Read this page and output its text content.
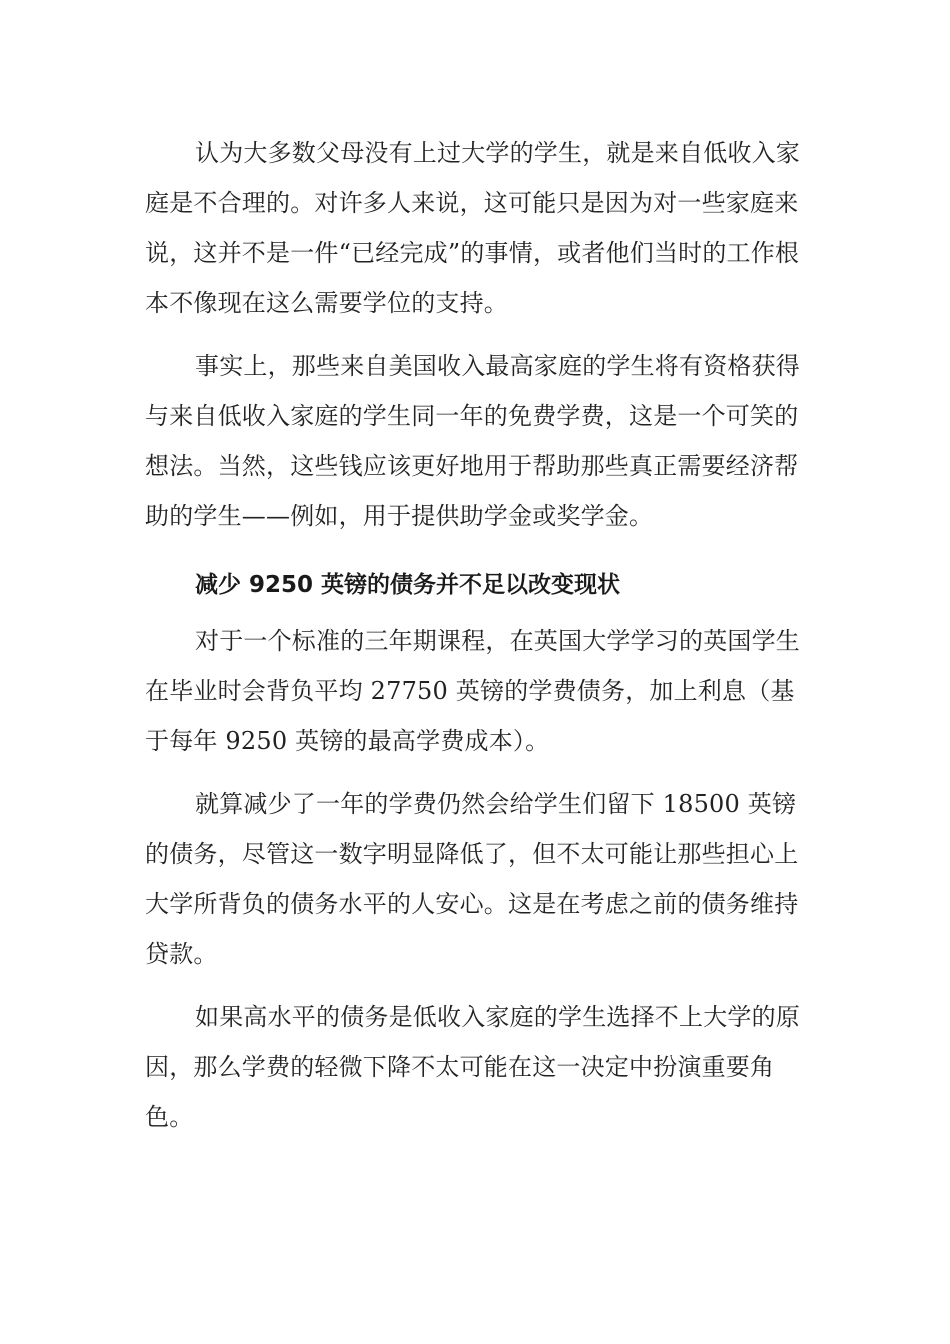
认为大多数父母没有上过大学的学生，就是来自低收入家庭是不合理的。对许多人来说，这可能只是因为对一些家庭来说，这并不是一件“已经完成”的事情，或者他们当时的工作根本不像现在这么需要学位的支持。

事实上，那些来自美国收入最高家庭的学生将有资格获得与来自低收入家庭的学生同一年的免费学费，这是一个可笑的想法。当然，这些钱应该更好地用于帮助那些真正需要经济帮助的学生——例如，用于提供助学金或奖学金。

减少 9250 英镑的债务并不足以改变现状

对于一个标准的三年期课程，在英国大学学习的英国学生在毕业时会背负平均 27750 英镑的学费债务，加上利息（基于每年 9250 英镑的最高学费成本）。

就算减少了一年的学费仍然会给学生们留下 18500 英镑的债务，尽管这一数字明显降低了，但不太可能让那些担心上大学所背负的债务水平的人安心。这是在考虑之前的债务维持贷款。

如果高水平的债务是低收入家庭的学生选择不上大学的原因，那么学费的轻微下降不太可能在这一决定中扮演重要角色。
